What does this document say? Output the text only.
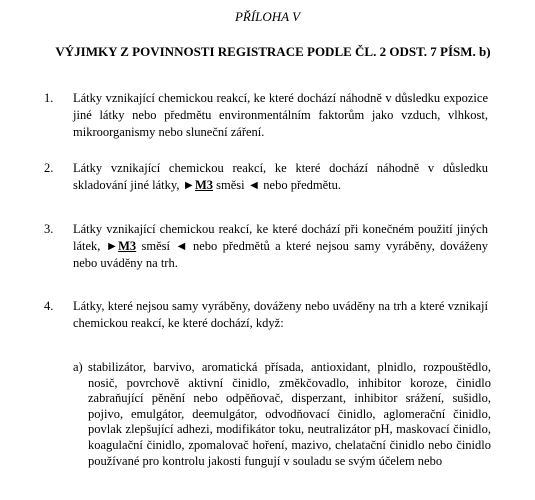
PŘÍLOHA V
VÝJIMKY Z POVINNOSTI REGISTRACE PODLE ČL. 2 ODST. 7 PÍSM. b)
1. Látky vznikající chemickou reakcí, ke které dochází náhodně v důsledku expozice jiné látky nebo předmětu environmentálním faktorům jako vzduch, vlhkost, mikroorganismy nebo sluneční záření.
2. Látky vznikající chemickou reakcí, ke které dochází náhodně v důsledku skladování jiné látky, ►M3 směsi ◄ nebo předmětu.
3. Látky vznikající chemickou reakcí, ke které dochází při konečném použití jiných látek, ►M3 směsí ◄ nebo předmětů a které nejsou samy vyráběny, dováženy nebo uváděny na trh.
4. Látky, které nejsou samy vyráběny, dováženy nebo uváděny na trh a které vznikají chemickou reakcí, ke které dochází, když:
a) stabilizátor, barvivo, aromatická přísada, antioxidant, plnidlo, rozpouštědlo, nosič, povrchově aktivní činidlo, změkčovadlo, inhibitor koroze, činidlo zabraňující pěnění nebo odpěňovač, disperzant, inhibitor srážení, sušidlo, pojivo, emulgátor, deemulgátor, odvodňovací činidlo, aglomerační činidlo, povlak zlepšující adhezi, modifikátor toku, neutralizátor pH, maskovací činidlo, koagulační činidlo, zpomalovač hoření, mazivo, chelatační činidlo nebo činidlo používané pro kontrolu jakosti fungují v souladu se svým účelem nebo
